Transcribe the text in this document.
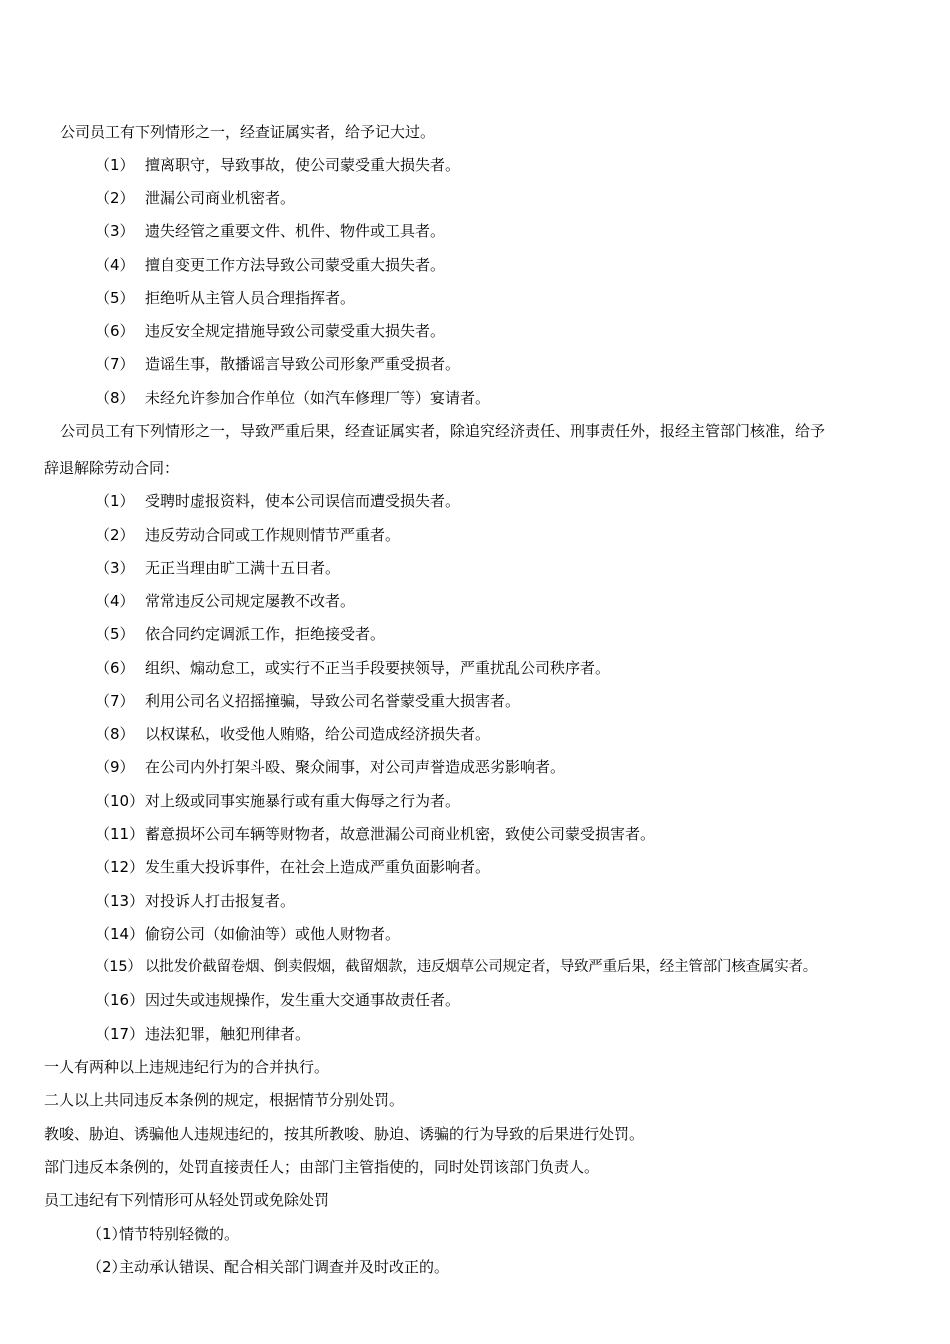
公司员工有下列情形之一，经查证属实者，给予记大过。
（1） 擅离职守，导致事故，使公司蒙受重大损失者。
（2） 泄漏公司商业机密者。
（3） 遗失经管之重要文件、机件、物件或工具者。
（4） 擅自变更工作方法导致公司蒙受重大损失者。
（5） 拒绝听从主管人员合理指挥者。
（6） 违反安全规定措施导致公司蒙受重大损失者。
（7） 造谣生事，散播谣言导致公司形象严重受损者。
（8） 未经允许参加合作单位（如汽车修理厂等）宴请者。
公司员工有下列情形之一，导致严重后果，经查证属实者，除追究经济责任、刑事责任外，报经主管部门核准，给予
辞退解除劳动合同：
（1） 受聘时虚报资料，使本公司误信而遭受损失者。
（2） 违反劳动合同或工作规则情节严重者。
（3） 无正当理由旷工满十五日者。
（4） 常常违反公司规定屡教不改者。
（5） 依合同约定调派工作，拒绝接受者。
（6） 组织、煽动怠工，或实行不正当手段要挟领导，严重扰乱公司秩序者。
（7） 利用公司名义招摇撞骗，导致公司名誉蒙受重大损害者。
（8） 以权谋私，收受他人贿赂，给公司造成经济损失者。
（9） 在公司内外打架斗殴、聚众闹事，对公司声誉造成恶劣影响者。
（10）对上级或同事实施暴行或有重大侮辱之行为者。
（11）蓄意损坏公司车辆等财物者，故意泄漏公司商业机密，致使公司蒙受损害者。
（12）发生重大投诉事件，在社会上造成严重负面影响者。
（13）对投诉人打击报复者。
（14）偷窃公司（如偷油等）或他人财物者。
（15） 以批发价截留卷烟、倒卖假烟，截留烟款，违反烟草公司规定者，导致严重后果，经主管部门核查属实者。
（16）因过失或违规操作，发生重大交通事故责任者。
（17）违法犯罪，触犯刑律者。
一人有两种以上违规违纪行为的合并执行。
二人以上共同违反本条例的规定，根据情节分别处罚。
教唆、胁迫、诱骗他人违规违纪的，按其所教唆、胁迫、诱骗的行为导致的后果进行处罚。
部门违反本条例的，处罚直接责任人；由部门主管指使的，同时处罚该部门负责人。
员工违纪有下列情形可从轻处罚或免除处罚
（1）情节特别轻微的。
（2）主动承认错误、配合相关部门调查并及时改正的。
